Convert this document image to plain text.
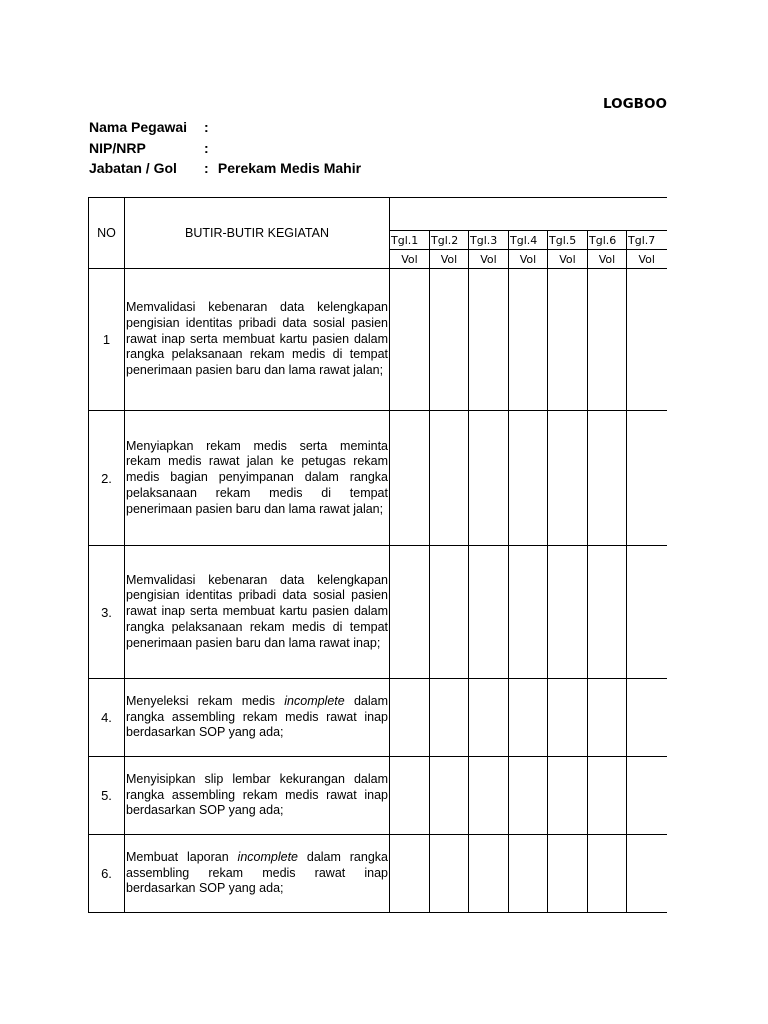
LOGBOO
Nama Pegawai :
NIP/NRP	:
Jabatan / Gol : Perekam Medis Mahir
NO	BUTIR-BUTIR KEGIATAN							
		Tgl.1	Tgl.2	Tgl.3	Tgl.4	Tgl.5	Tgl.6	Tgl.7
		Vol	Vol	Vol	Vol	Vol	Vol	Vol
1	Memvalidasi kebenaran data kelengkapan pengisian identitas pribadi data sosial pasien rawat inap serta membuat kartu pasien dalam rangka pelaksanaan rekam medis di tempat penerimaan pasien baru dan lama rawat jalan;							
2.	Menyiapkan rekam medis serta meminta rekam medis rawat jalan ke petugas rekam medis bagian penyimpanan dalam rangka pelaksanaan rekam medis di tempat penerimaan pasien baru dan lama rawat jalan;							
3.	Memvalidasi kebenaran data kelengkapan pengisian identitas pribadi data sosial pasien rawat inap serta membuat kartu pasien dalam rangka pelaksanaan rekam medis di tempat penerimaan pasien baru dan lama rawat inap;							
4.	Menyeleksi rekam medis incomplete dalam rangka assembling rekam medis rawat inap berdasarkan SOP yang ada;							
5.	Menyisipkan slip lembar kekurangan dalam rangka assembling rekam medis rawat inap berdasarkan SOP yang ada;							
6.	Membuat laporan incomplete dalam rangka assembling rekam medis rawat inap berdasarkan SOP yang ada;							
